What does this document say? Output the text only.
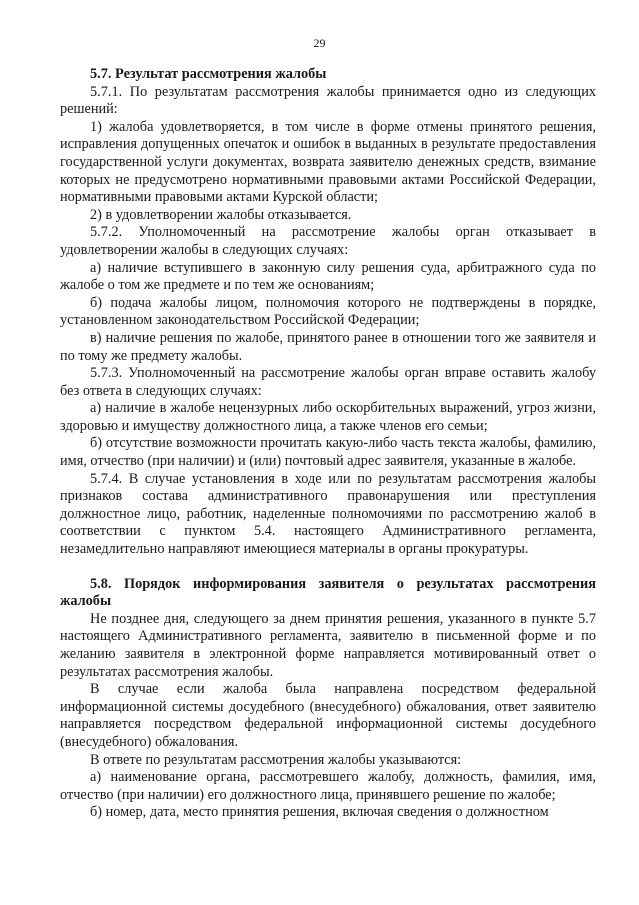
29

5.7. Результат рассмотрения жалобы

5.7.1. По результатам рассмотрения жалобы принимается одно из следующих решений:

1) жалоба удовлетворяется, в том числе в форме отмены принятого решения, исправления допущенных опечаток и ошибок в выданных в результате предоставления государственной услуги документах, возврата заявителю денежных средств, взимание которых не предусмотрено нормативными правовыми актами Российской Федерации, нормативными правовыми актами Курской области;

2) в удовлетворении жалобы отказывается.

5.7.2. Уполномоченный на рассмотрение жалобы орган отказывает в удовлетворении жалобы в следующих случаях:

а) наличие вступившего в законную силу решения суда, арбитражного суда по жалобе о том же предмете и по тем же основаниям;

б) подача жалобы лицом, полномочия которого не подтверждены в порядке, установленном законодательством Российской Федерации;

в) наличие решения по жалобе, принятого ранее в отношении того же заявителя и по тому же предмету жалобы.

5.7.3. Уполномоченный на рассмотрение жалобы орган вправе оставить жалобу без ответа в следующих случаях:

а) наличие в жалобе нецензурных либо оскорбительных выражений, угроз жизни, здоровью и имуществу должностного лица, а также членов его семьи;

б) отсутствие возможности прочитать какую-либо часть текста жалобы, фамилию, имя, отчество (при наличии) и (или) почтовый адрес заявителя, указанные в жалобе.

5.7.4. В случае установления в ходе или по результатам рассмотрения жалобы признаков состава административного правонарушения или преступления должностное лицо, работник, наделенные полномочиями по рассмотрению жалоб в соответствии с пунктом 5.4. настоящего Административного регламента, незамедлительно направляют имеющиеся материалы в органы прокуратуры.

5.8. Порядок информирования заявителя о результатах рассмотрения жалобы

Не позднее дня, следующего за днем принятия решения, указанного в пункте 5.7 настоящего Административного регламента, заявителю в письменной форме и по желанию заявителя в электронной форме направляется мотивированный ответ о результатах рассмотрения жалобы.

В случае если жалоба была направлена посредством федеральной информационной системы досудебного (внесудебного) обжалования, ответ заявителю направляется посредством федеральной информационной системы досудебного (внесудебного) обжалования.

В ответе по результатам рассмотрения жалобы указываются:

а) наименование органа, рассмотревшего жалобу, должность, фамилия, имя, отчество (при наличии) его должностного лица, принявшего решение по жалобе;

б) номер, дата, место принятия решения, включая сведения о должностном
